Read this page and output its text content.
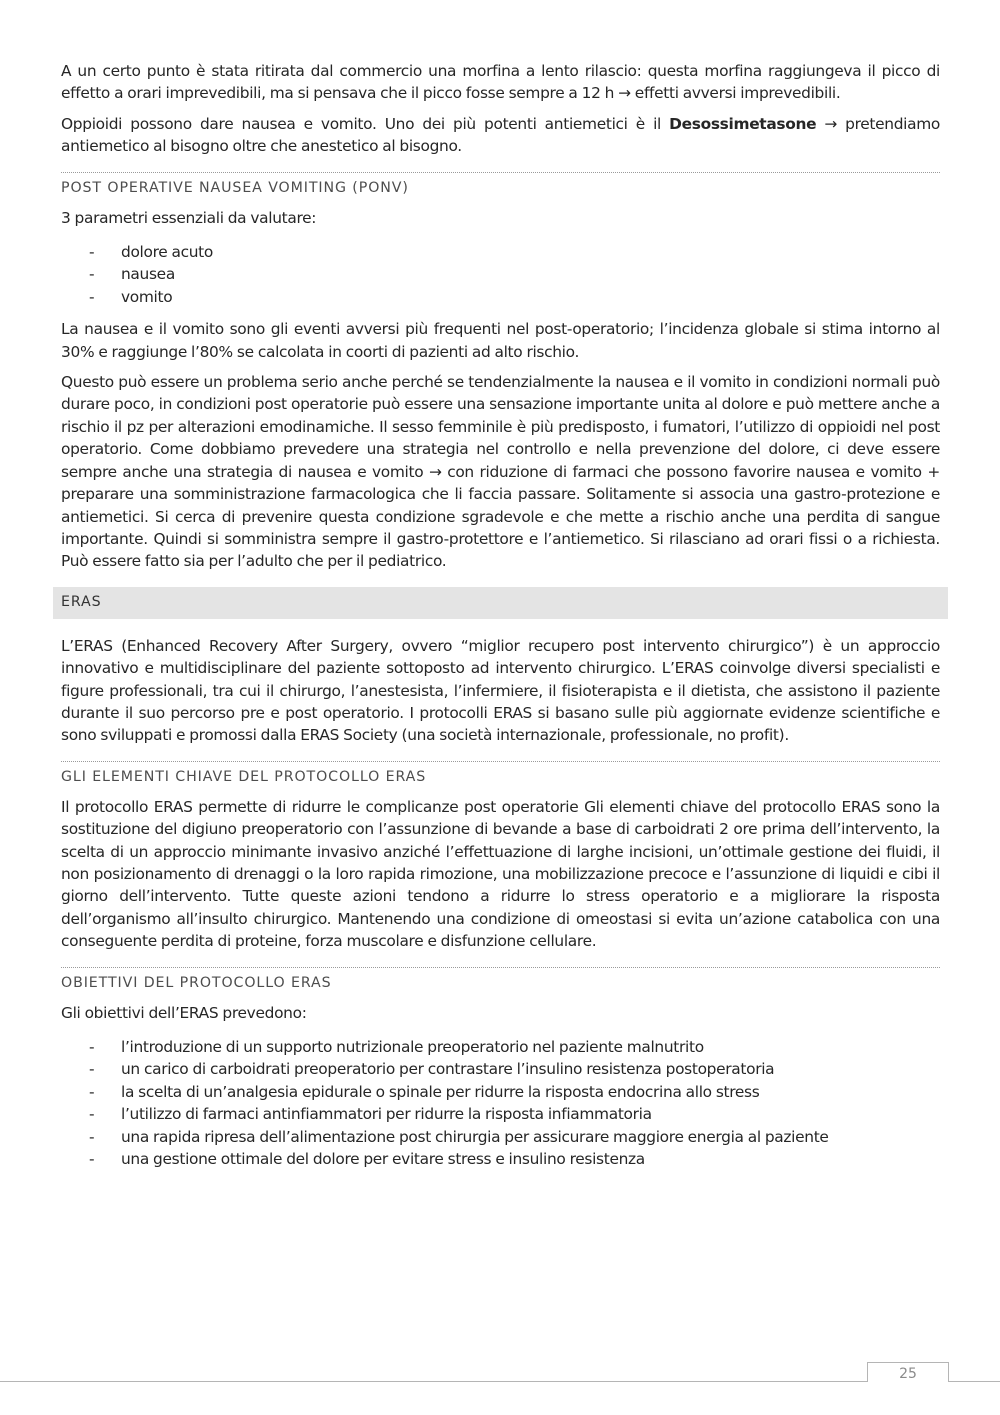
A un certo punto è stata ritirata dal commercio una morfina a lento rilascio: questa morfina raggiungeva il picco di effetto a orari imprevedibili, ma si pensava che il picco fosse sempre a 12 h → effetti avversi imprevedibili.

Oppioidi possono dare nausea e vomito. Uno dei più potenti antiemetici è il Desossimetasone → pretendiamo antiemetico al bisogno oltre che anestetico al bisogno.

POST OPERATIVE NAUSEA VOMITING (PONV)

3 parametri essenziali da valutare:

- dolore acuto
- nausea
- vomito

La nausea e il vomito sono gli eventi avversi più frequenti nel post-operatorio; l’incidenza globale si stima intorno al 30% e raggiunge l’80% se calcolata in coorti di pazienti ad alto rischio.

Questo può essere un problema serio anche perché se tendenzialmente la nausea e il vomito in condizioni normali può durare poco, in condizioni post operatorie può essere una sensazione importante unita al dolore e può mettere anche a rischio il pz per alterazioni emodinamiche. Il sesso femminile è più predisposto, i fumatori, l’utilizzo di oppioidi nel post operatorio. Come dobbiamo prevedere una strategia nel controllo e nella prevenzione del dolore, ci deve essere sempre anche una strategia di nausea e vomito → con riduzione di farmaci che possono favorire nausea e vomito + preparare una somministrazione farmacologica che li faccia passare. Solitamente si associa una gastro-protezione e antiemetici. Si cerca di prevenire questa condizione sgradevole e che mette a rischio anche una perdita di sangue importante. Quindi si somministra sempre il gastro-protettore e l’antiemetico. Si rilasciano ad orari fissi o a richiesta. Può essere fatto sia per l’adulto che per il pediatrico.

ERAS

L’ERAS (Enhanced Recovery After Surgery, ovvero “miglior recupero post intervento chirurgico”) è un approccio innovativo e multidisciplinare del paziente sottoposto ad intervento chirurgico. L’ERAS coinvolge diversi specialisti e figure professionali, tra cui il chirurgo, l’anestesista, l’infermiere, il fisioterapista e il dietista, che assistono il paziente durante il suo percorso pre e post operatorio. I protocolli ERAS si basano sulle più aggiornate evidenze scientifiche e sono sviluppati e promossi dalla ERAS Society (una società internazionale, professionale, no profit).

GLI ELEMENTI CHIAVE DEL PROTOCOLLO ERAS

Il protocollo ERAS permette di ridurre le complicanze post operatorie Gli elementi chiave del protocollo ERAS sono la sostituzione del digiuno preoperatorio con l’assunzione di bevande a base di carboidrati 2 ore prima dell’intervento, la scelta di un approccio minimante invasivo anziché l’effettuazione di larghe incisioni, un’ottimale gestione dei fluidi, il non posizionamento di drenaggi o la loro rapida rimozione, una mobilizzazione precoce e l’assunzione di liquidi e cibi il giorno dell’intervento. Tutte queste azioni tendono a ridurre lo stress operatorio e a migliorare la risposta dell’organismo all’insulto chirurgico. Mantenendo una condizione di omeostasi si evita un’azione catabolica con una conseguente perdita di proteine, forza muscolare e disfunzione cellulare.

OBIETTIVI DEL PROTOCOLLO ERAS

Gli obiettivi dell’ERAS prevedono:

- l’introduzione di un supporto nutrizionale preoperatorio nel paziente malnutrito
- un carico di carboidrati preoperatorio per contrastare l’insulino resistenza postoperatoria
- la scelta di un’analgesia epidurale o spinale per ridurre la risposta endocrina allo stress
- l’utilizzo di farmaci antinfiammatori per ridurre la risposta infiammatoria
- una rapida ripresa dell’alimentazione post chirurgia per assicurare maggiore energia al paziente
- una gestione ottimale del dolore per evitare stress e insulino resistenza
25
